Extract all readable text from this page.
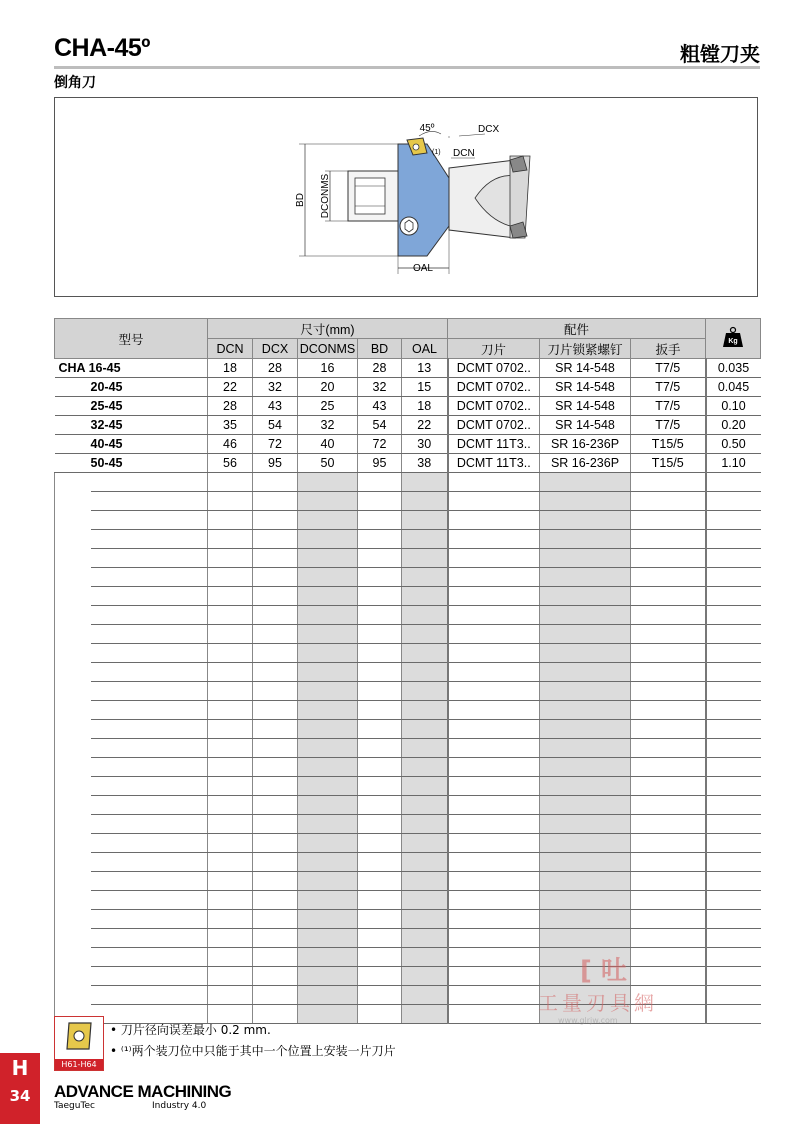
CHA-45º	粗镗刀夹
倒角刀
BD DCONMS
OAL
45º
(1)
DCX
DCN
型号	尺寸(mm)					配件			Kg

	DCN	DCX	DCONMS	BD	OAL	刀片	刀片锁紧螺钉	扳手	
CHA 16-45	18	28	16	28	13	DCMT 0702..	SR 14-548	T7/5	0.035
20-45	22	32	20	32	15	DCMT 0702..	SR 14-548	T7/5	0.045
25-45	28	43	25	43	18	DCMT 0702..	SR 14-548	T7/5	0.10
32-45	35	54	32	54	22	DCMT 0702..	SR 14-548	T7/5	0.20
40-45	46	72	40	72	30	DCMT 11T3..	SR 16-236P	T15/5	0.50
50-45	56	95	50	95	38	DCMT 11T3..	SR 16-236P	T15/5	1.10

[ 吐
工量刃具網
www.glrjw.com
H61-H64
• 刀片径向误差最小 0.2 mm.
• ⁽¹⁾两个装刀位中只能于其中一个位置上安装一片刀片
H
34	ADVANCE MACHINING
TaeguTec	Industry 4.0
